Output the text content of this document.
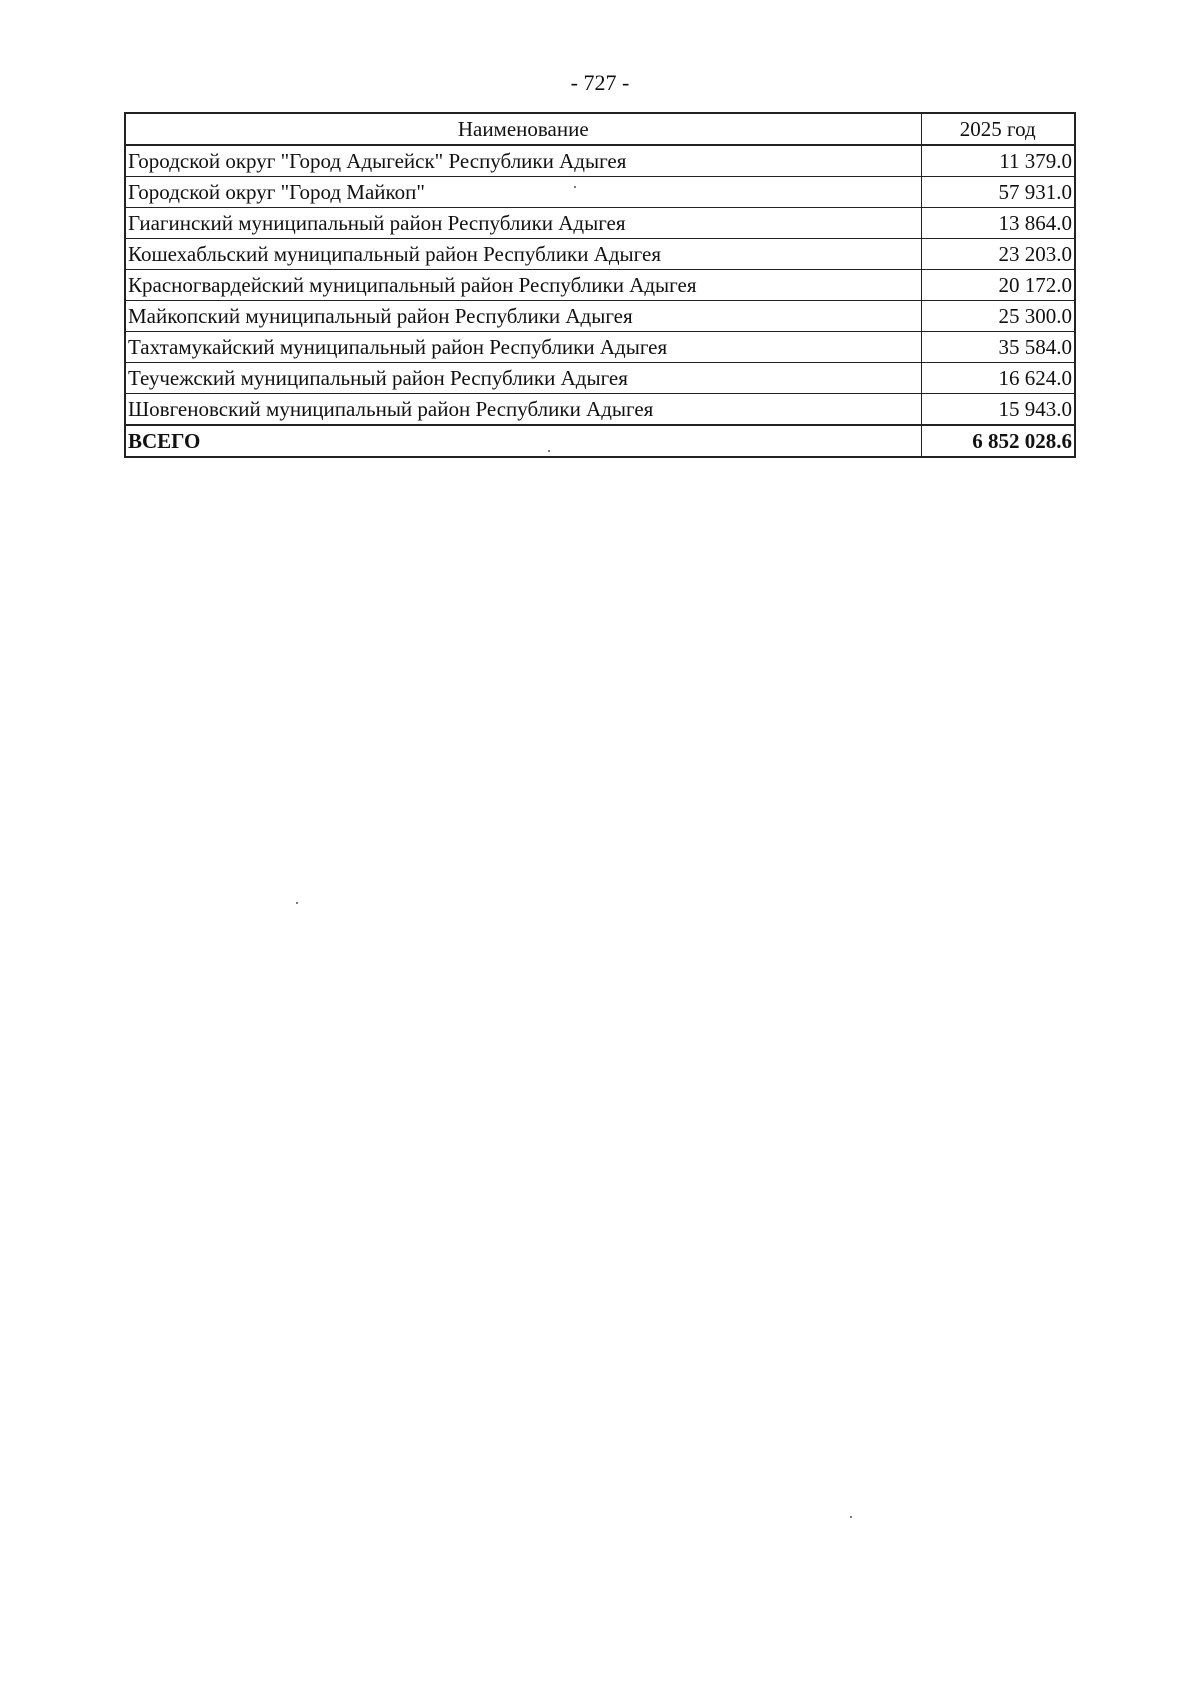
- 727 -
Наименование	2025 год
Городской округ "Город Адыгейск" Республики Адыгея	11 379.0
Городской округ "Город Майкоп"	57 931.0
Гиагинский муниципальный район Республики Адыгея	13 864.0
Кошехабльский муниципальный район Республики Адыгея	23 203.0
Красногвардейский муниципальный район Республики Адыгея	20 172.0
Майкопский муниципальный район Республики Адыгея	25 300.0
Тахтамукайский муниципальный район Республики Адыгея	35 584.0
Теучежский муниципальный район Республики Адыгея	16 624.0
Шовгеновский муниципальный район Республики Адыгея	15 943.0
ВСЕГО	6 852 028.6
